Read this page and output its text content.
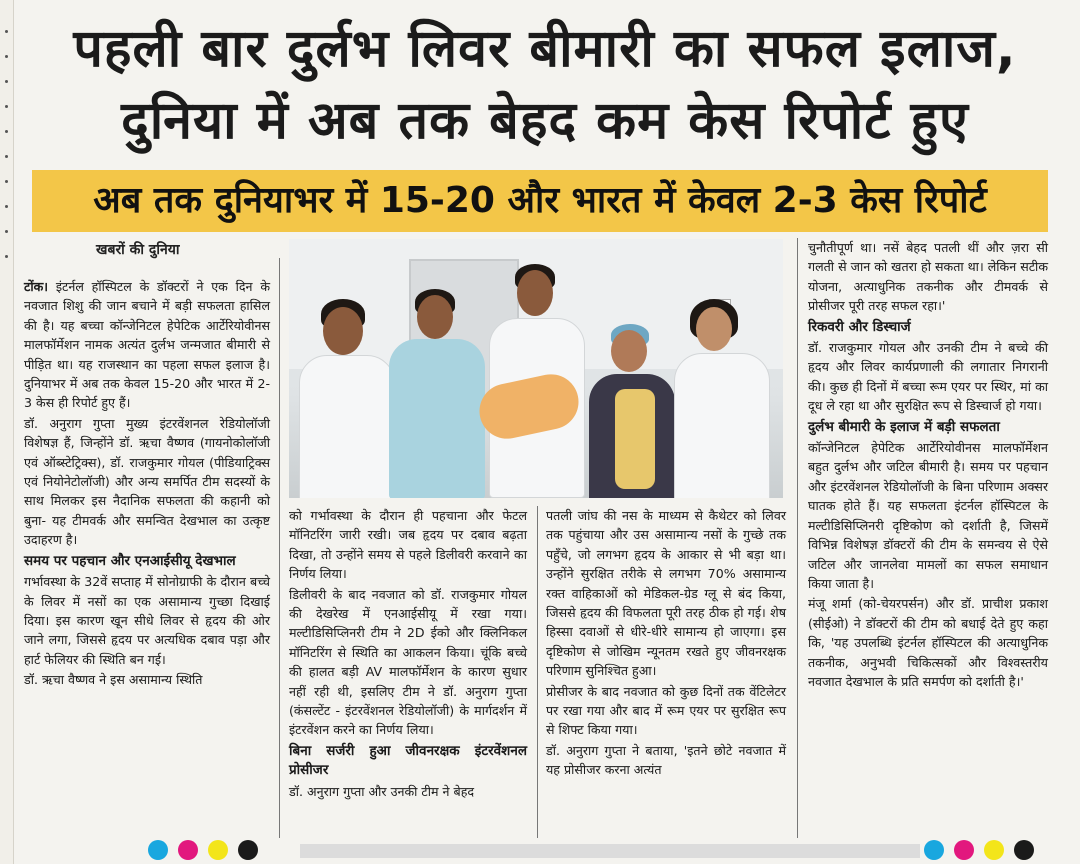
पहली बार दुर्लभ लिवर बीमारी का सफल इलाज,
दुनिया में अब तक बेहद कम केस रिपोर्ट हुए
अब तक दुनियाभर में 15-20 और भारत में केवल 2-3 केस रिपोर्ट
खबरों की दुनिया

टोंक। इंटर्नल हॉस्पिटल के डॉक्टरों ने एक दिन के नवजात शिशु की जान बचाने में बड़ी सफलता हासिल की है। यह बच्चा कॉन्जेनिटल हेपेटिक आर्टेरियोवीनस मालफॉर्मेशन नामक अत्यंत दुर्लभ जन्मजात बीमारी से पीड़ित था। यह राजस्थान का पहला सफल इलाज है। दुनियाभर में अब तक केवल 15-20 और भारत में 2-3 केस ही रिपोर्ट हुए हैं।

डॉ. अनुराग गुप्ता मुख्य इंटरवेंशनल रेडियोलॉजी विशेषज्ञ हैं, जिन्होंने डॉ. ऋचा वैष्णव (गायनोकोलॉजी एवं ऑब्स्टेट्रिक्स), डॉ. राजकुमार गोयल (पीडियाट्रिक्स एवं नियोनेटोलॉजी) और अन्य समर्पित टीम सदस्यों के साथ मिलकर इस नैदानिक सफलता की कहानी को बुना- यह टीमवर्क और समन्वित देखभाल का उत्कृष्ट उदाहरण है।

समय पर पहचान और एनआईसीयू देखभाल

गर्भावस्था के 32वें सप्ताह में सोनोग्राफी के दौरान बच्चे के लिवर में नसों का एक असामान्य गुच्छा दिखाई दिया। इस कारण खून सीधे लिवर से हृदय की ओर जाने लगा, जिससे हृदय पर अत्यधिक दबाव पड़ा और हार्ट फेलियर की स्थिति बन गई।

डॉ. ऋचा वैष्णव ने इस असामान्य स्थिति

को गर्भावस्था के दौरान ही पहचाना और फेटल मॉनिटरिंग जारी रखी। जब हृदय पर दबाव बढ़ता दिखा, तो उन्होंने समय से पहले डिलीवरी करवाने का निर्णय लिया।

डिलीवरी के बाद नवजात को डॉ. राजकुमार गोयल की देखरेख में एनआईसीयू में रखा गया। मल्टीडिसिप्लिनरी टीम ने 2D ईको और क्लिनिकल मॉनिटरिंग से स्थिति का आकलन किया। चूंकि बच्चे की हालत बड़ी AV मालफॉर्मेशन के कारण सुधार नहीं रही थी, इसलिए टीम ने डॉ. अनुराग गुप्ता (कंसल्टेंट - इंटरवेंशनल रेडियोलॉजी) के मार्गदर्शन में इंटरवेंशन करने का निर्णय लिया।

बिना सर्जरी हुआ जीवनरक्षक इंटरवेंशनल प्रोसीजर

डॉ. अनुराग गुप्ता और उनकी टीम ने बेहद

पतली जांघ की नस के माध्यम से कैथेटर को लिवर तक पहुंचाया और उस असामान्य नसों के गुच्छे तक पहुँचे, जो लगभग हृदय के आकार से भी बड़ा था। उन्होंने सुरक्षित तरीके से लगभग 70% असामान्य रक्त वाहिकाओं को मेडिकल-ग्रेड ग्लू से बंद किया, जिससे हृदय की विफलता पूरी तरह ठीक हो गई। शेष हिस्सा दवाओं से धीरे-धीरे सामान्य हो जाएगा। इस दृष्टिकोण से जोखिम न्यूनतम रखते हुए जीवनरक्षक परिणाम सुनिश्चित हुआ।

प्रोसीजर के बाद नवजात को कुछ दिनों तक वेंटिलेटर पर रखा गया और बाद में रूम एयर पर सुरक्षित रूप से शिफ्ट किया गया।

डॉ. अनुराग गुप्ता ने बताया, 'इतने छोटे नवजात में यह प्रोसीजर करना अत्यंत

चुनौतीपूर्ण था। नसें बेहद पतली थीं और ज़रा सी गलती से जान को खतरा हो सकता था। लेकिन सटीक योजना, अत्याधुनिक तकनीक और टीमवर्क से प्रोसीजर पूरी तरह सफल रहा।'

रिकवरी और डिस्चार्ज

डॉ. राजकुमार गोयल और उनकी टीम ने बच्चे की हृदय और लिवर कार्यप्रणाली की लगातार निगरानी की। कुछ ही दिनों में बच्चा रूम एयर पर स्थिर, मां का दूध ले रहा था और सुरक्षित रूप से डिस्चार्ज हो गया।

दुर्लभ बीमारी के इलाज में बड़ी सफलता

कॉन्जेनिटल हेपेटिक आर्टेरियोवीनस मालफॉर्मेशन बहुत दुर्लभ और जटिल बीमारी है। समय पर पहचान और इंटरवेंशनल रेडियोलॉजी के बिना परिणाम अक्सर घातक होते हैं। यह सफलता इंटर्नल हॉस्पिटल के मल्टीडिसिप्लिनरी दृष्टिकोण को दर्शाती है, जिसमें विभिन्न विशेषज्ञ डॉक्टरों की टीम के समन्वय से ऐसे जटिल और जानलेवा मामलों का सफल समाधान किया जाता है।

मंजू शर्मा (को-चेयरपर्सन) और डॉ. प्राचीश प्रकाश (सीईओ) ने डॉक्टरों की टीम को बधाई देते हुए कहा कि, 'यह उपलब्धि इंटर्नल हॉस्पिटल की अत्याधुनिक तकनीक, अनुभवी चिकित्सकों और विश्वस्तरीय नवजात देखभाल के प्रति समर्पण को दर्शाती है।'
